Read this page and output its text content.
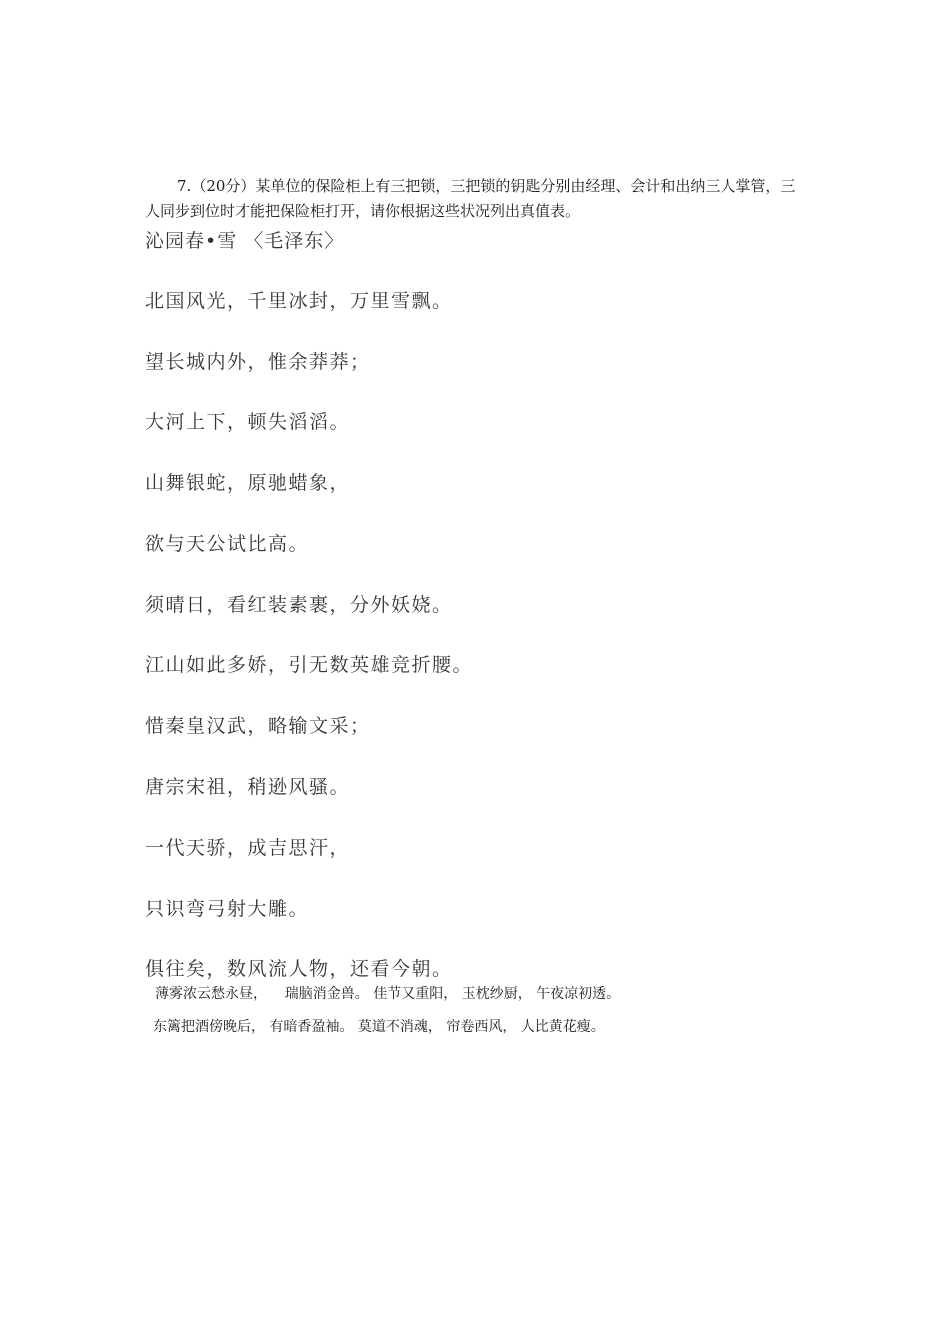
7.（20分）某单位的保险柜上有三把锁，三把锁的钥匙分别由经理、会计和出纳三人掌管，三人同步到位时才能把保险柜打开，请你根据这些状况列出真值表。
沁园春•雪 〈毛泽东〉
北国风光，千里冰封，万里雪飘。
望长城内外，惟余莽莽；
大河上下，顿失滔滔。
山舞银蛇，原驰蜡象，
欲与天公试比高。
须晴日，看红装素裹，分外妖娆。
江山如此多娇，引无数英雄竞折腰。
惜秦皇汉武，略输文采；
唐宗宋祖，稍逊风骚。
一代天骄，成吉思汗，
只识弯弓射大雕。
俱往矣，数风流人物，还看今朝。
薄雾浓云愁永昼，    瑞脑消金兽。 佳节又重阳， 玉枕纱厨， 午夜凉初透。
东篱把酒傍晚后， 有暗香盈袖。 莫道不消魂， 帘卷西风， 人比黄花瘦。
